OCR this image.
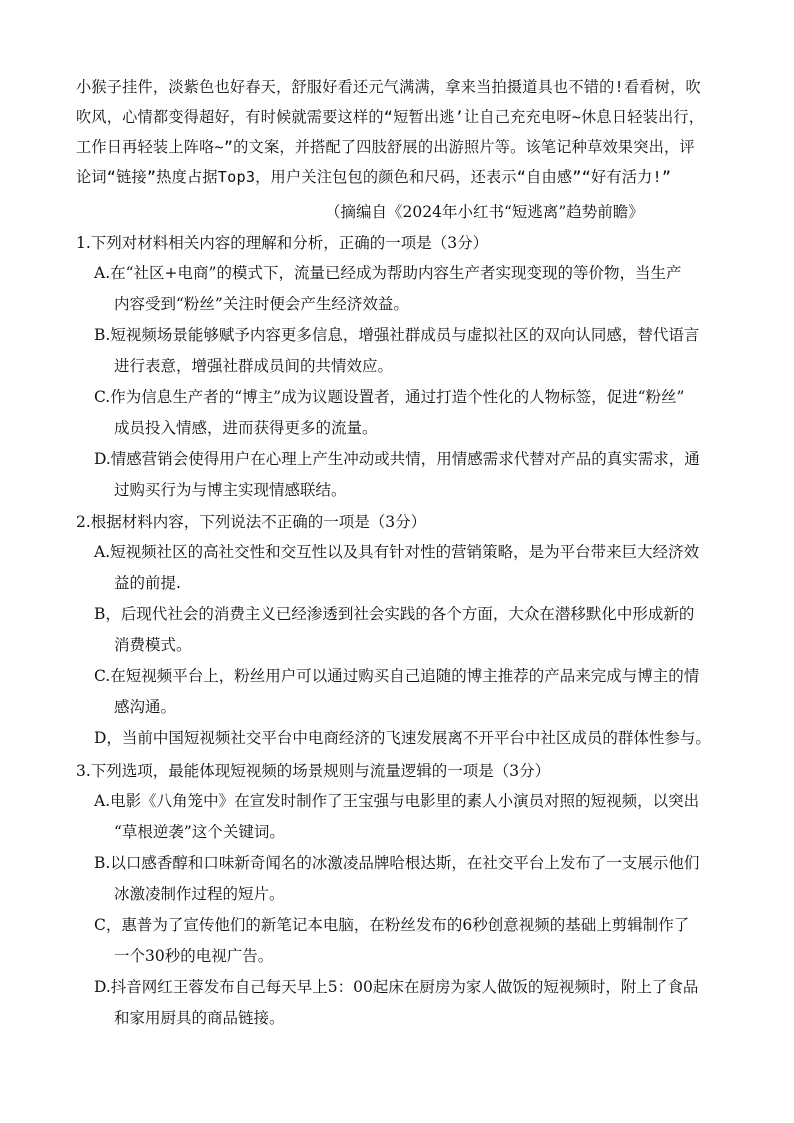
小猴子挂件，淡紫色也好春天，舒服好看还元气满满，拿来当拍摄道具也不错的!看看树，吹
吹风，心情都变得超好，有时候就需要这样的“短暂出逃’让自己充充电呀~休息日轻装出行，
工作日再轻装上阵咯~”的文案，并搭配了四肢舒展的出游照片等。该笔记种草效果突出，评
论词“链接”热度占据Top3，用户关注包包的颜色和尺码，还表示“自由感”“好有活力!”
（摘编自《2024年小红书“短逃离”趋势前瞻》
1.下列对材料相关内容的理解和分析，正确的一项是（3分）
A.在“社区+电商”的模式下，流量已经成为帮助内容生产者实现变现的等价物，当生产
内容受到“粉丝”关注时便会产生经济效益。
B.短视频场景能够赋予内容更多信息，增强社群成员与虚拟社区的双向认同感，替代语言
进行表意，增强社群成员间的共情效应。
C.作为信息生产者的“博主”成为议题设置者，通过打造个性化的人物标签，促进“粉丝”
成员投入情感，进而获得更多的流量。
D.情感营销会使得用户在心理上产生冲动或共情，用情感需求代替对产品的真实需求，通
过购买行为与博主实现情感联结。
2.根据材料内容，下列说法不正确的一项是（3分）
A.短视频社区的高社交性和交互性以及具有针对性的营销策略，是为平台带来巨大经济效
益的前提.
B，后现代社会的消费主义已经渗透到社会实践的各个方面，大众在潜移默化中形成新的
消费模式。
C.在短视频平台上，粉丝用户可以通过购买自己追随的博主推荐的产品来完成与博主的情
感沟通。
D，当前中国短视频社交平台中电商经济的飞速发展离不开平台中社区成员的群体性参与。
3.下列选项，最能体现短视频的场景规则与流量逻辑的一项是（3分）
A.电影《八角笼中》在宣发时制作了王宝强与电影里的素人小演员对照的短视频，以突出
“草根逆袭”这个关键词。
B.以口感香醇和口味新奇闻名的冰激凌品牌哈根达斯，在社交平台上发布了一支展示他们
冰激凌制作过程的短片。
C，惠普为了宣传他们的新笔记本电脑，在粉丝发布的6秒创意视频的基础上剪辑制作了
一个30秒的电视广告。
D.抖音网红王蓉发布自己每天早上5：00起床在厨房为家人做饭的短视频时，附上了食品
和家用厨具的商品链接。
